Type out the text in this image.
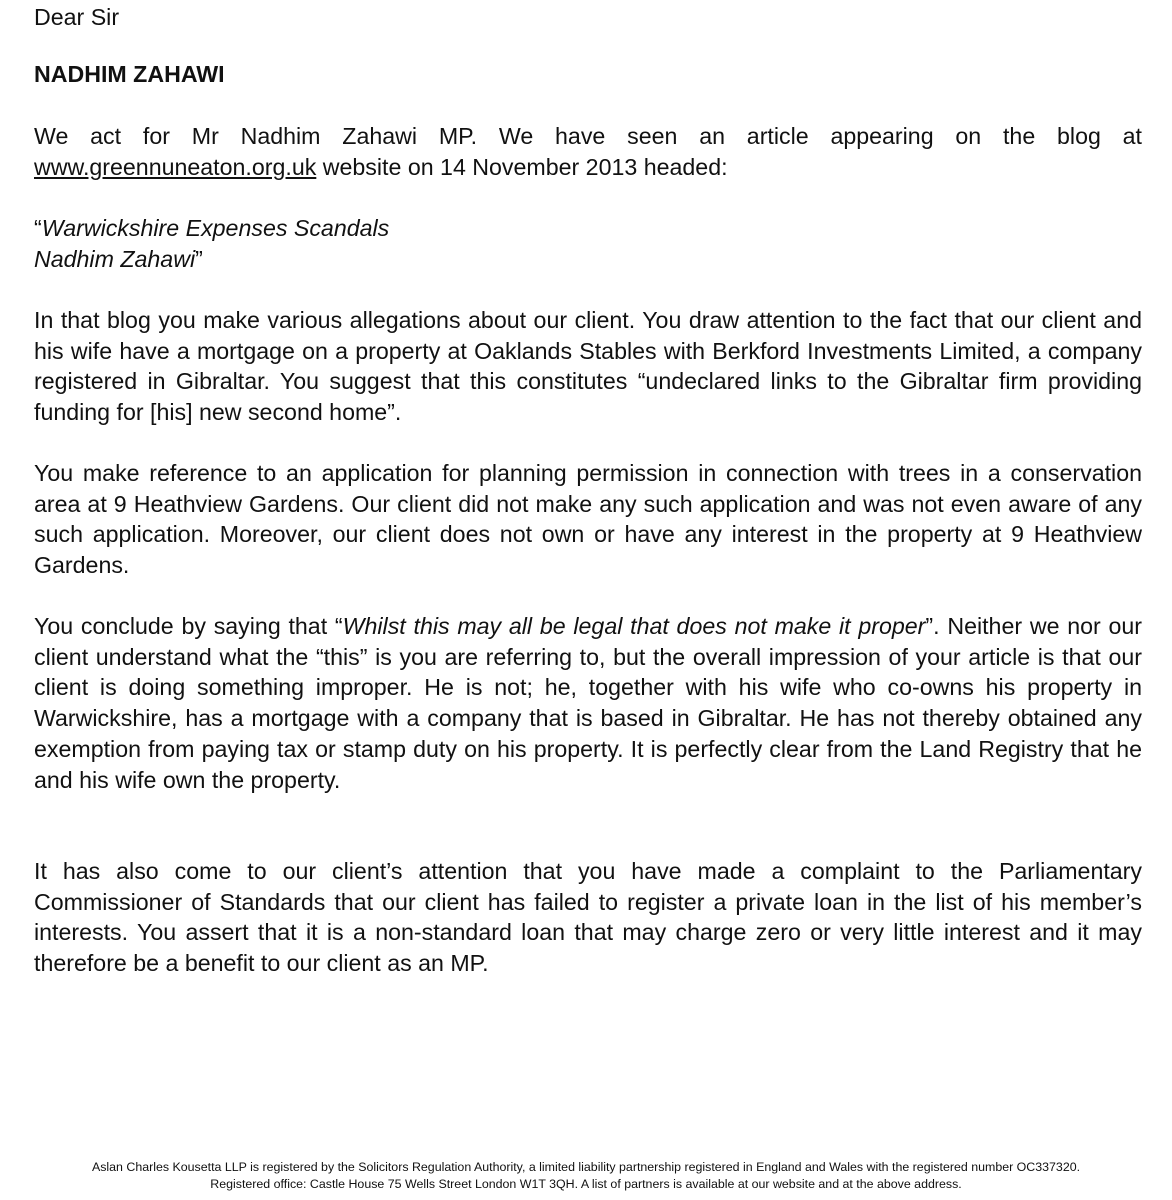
Dear Sir

NADHIM ZAHAWI

We act for Mr Nadhim Zahawi MP. We have seen an article appearing on the blog at www.greennuneaton.org.uk website on 14 November 2013 headed:

“Warwickshire Expenses Scandals
Nadhim Zahawi”

In that blog you make various allegations about our client. You draw attention to the fact that our client and his wife have a mortgage on a property at Oaklands Stables with Berkford Investments Limited, a company registered in Gibraltar. You suggest that this constitutes “undeclared links to the Gibraltar firm providing funding for [his] new second home”.

You make reference to an application for planning permission in connection with trees in a conservation area at 9 Heathview Gardens. Our client did not make any such application and was not even aware of any such application. Moreover, our client does not own or have any interest in the property at 9 Heathview Gardens.

You conclude by saying that “Whilst this may all be legal that does not make it proper”. Neither we nor our client understand what the “this” is you are referring to, but the overall impression of your article is that our client is doing something improper. He is not; he, together with his wife who co-owns his property in Warwickshire, has a mortgage with a company that is based in Gibraltar. He has not thereby obtained any exemption from paying tax or stamp duty on his property. It is perfectly clear from the Land Registry that he and his wife own the property.

It has also come to our client’s attention that you have made a complaint to the Parliamentary Commissioner of Standards that our client has failed to register a private loan in the list of his member’s interests. You assert that it is a non-standard loan that may charge zero or very little interest and it may therefore be a benefit to our client as an MP.

Aslan Charles Kousetta LLP is registered by the Solicitors Regulation Authority, a limited liability partnership registered in England and Wales with the registered number OC337320.

Registered office: Castle House 75 Wells Street London W1T 3QH. A list of partners is available at our website and at the above address.
